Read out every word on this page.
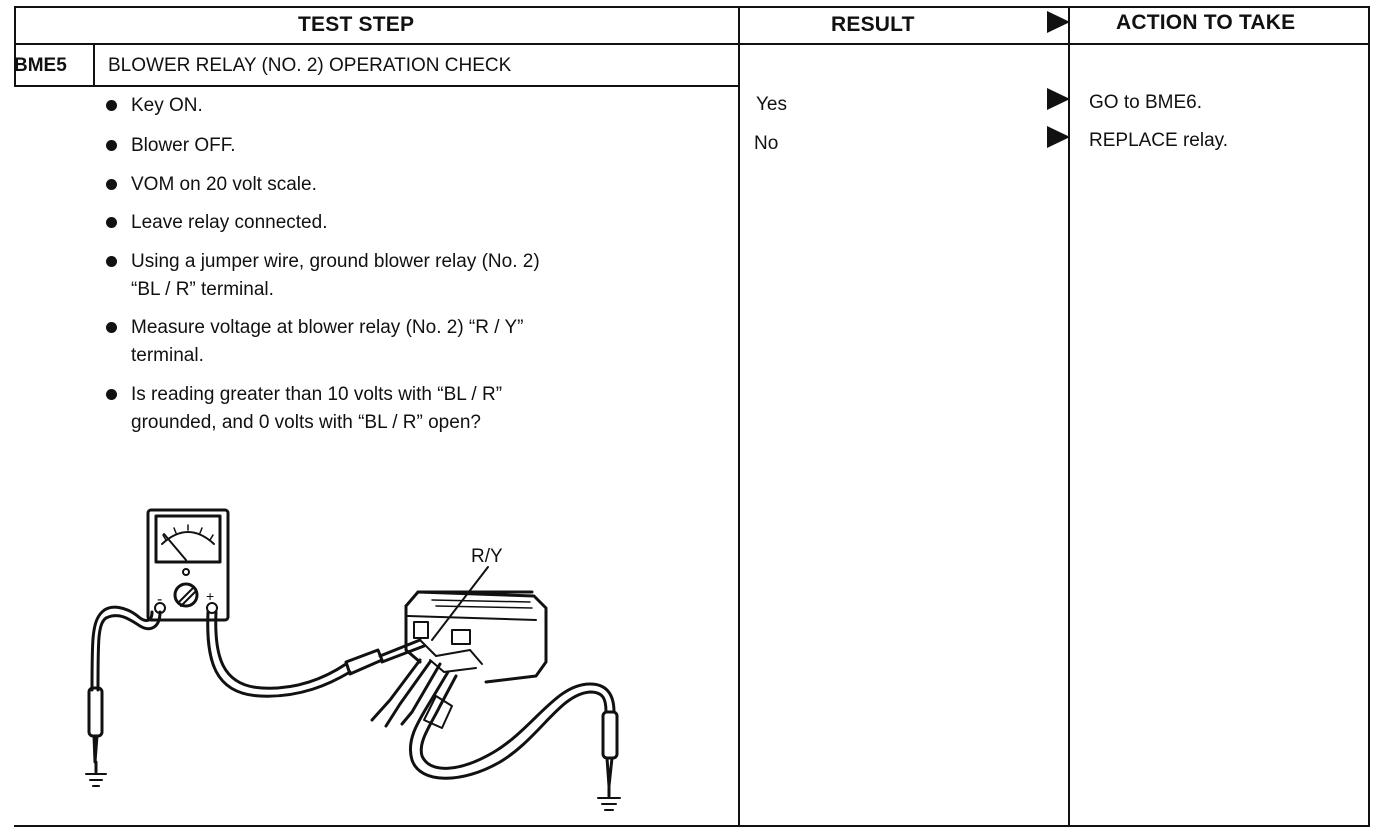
TEST STEP	RESULT	ACTION TO TAKE
BME5 BLOWER RELAY (NO. 2) OPERATION CHECK
Key ON.
Blower OFF.
VOM on 20 volt scale.
Leave relay connected.
Using a jumper wire, ground blower relay (No. 2)
“BL / R” terminal.
Measure voltage at blower relay (No. 2) “R / Y”
terminal.
Is reading greater than 10 volts with “BL / R”
grounded, and 0 volts with “BL / R” open?
Yes	GO to BME6.
No	REPLACE relay.
-	+
R/Y
